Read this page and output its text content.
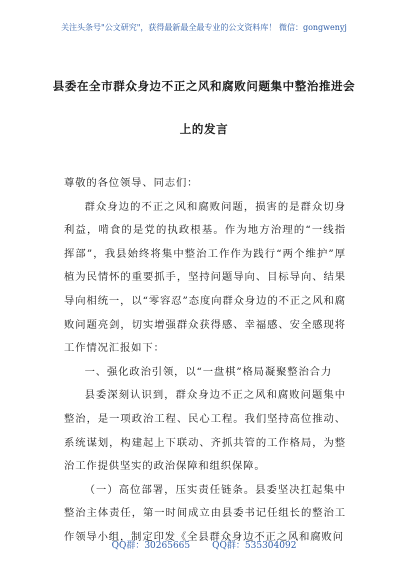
关注头条号"公文研究"，获得最新最全最专业的公文资料库！ 微信：gongwenyj
县委在全市群众身边不正之风和腐败问题集中整治推进会
上的发言

尊敬的各位领导、同志们：

群众身边的不正之风和腐败问题，损害的是群众切身利益，啃食的是党的执政根基。作为地方治理的“一线指挥部”，我县始终将集中整治工作作为践行“两个维护”厚植为民情怀的重要抓手，坚持问题导向、目标导向、结果导向相统一，以“零容忍”态度向群众身边的不正之风和腐败问题亮剑，切实增强群众获得感、幸福感、安全感现将工作情况汇报如下：

一、强化政治引领，以“一盘棋”格局凝聚整治合力

县委深刻认识到，群众身边不正之风和腐败问题集中整治，是一项政治工程、民心工程。我们坚持高位推动、系统谋划，构建起上下联动、齐抓共管的工作格局，为整治工作提供坚实的政治保障和组织保障。

（一）高位部署，压实责任链条。县委坚决扛起集中整治主体责任，第一时间成立由县委书记任组长的整治工作领导小组，制定印发《全县群众身边不正之风和腐败问

QQ群：30265665 QQ群：535304092
